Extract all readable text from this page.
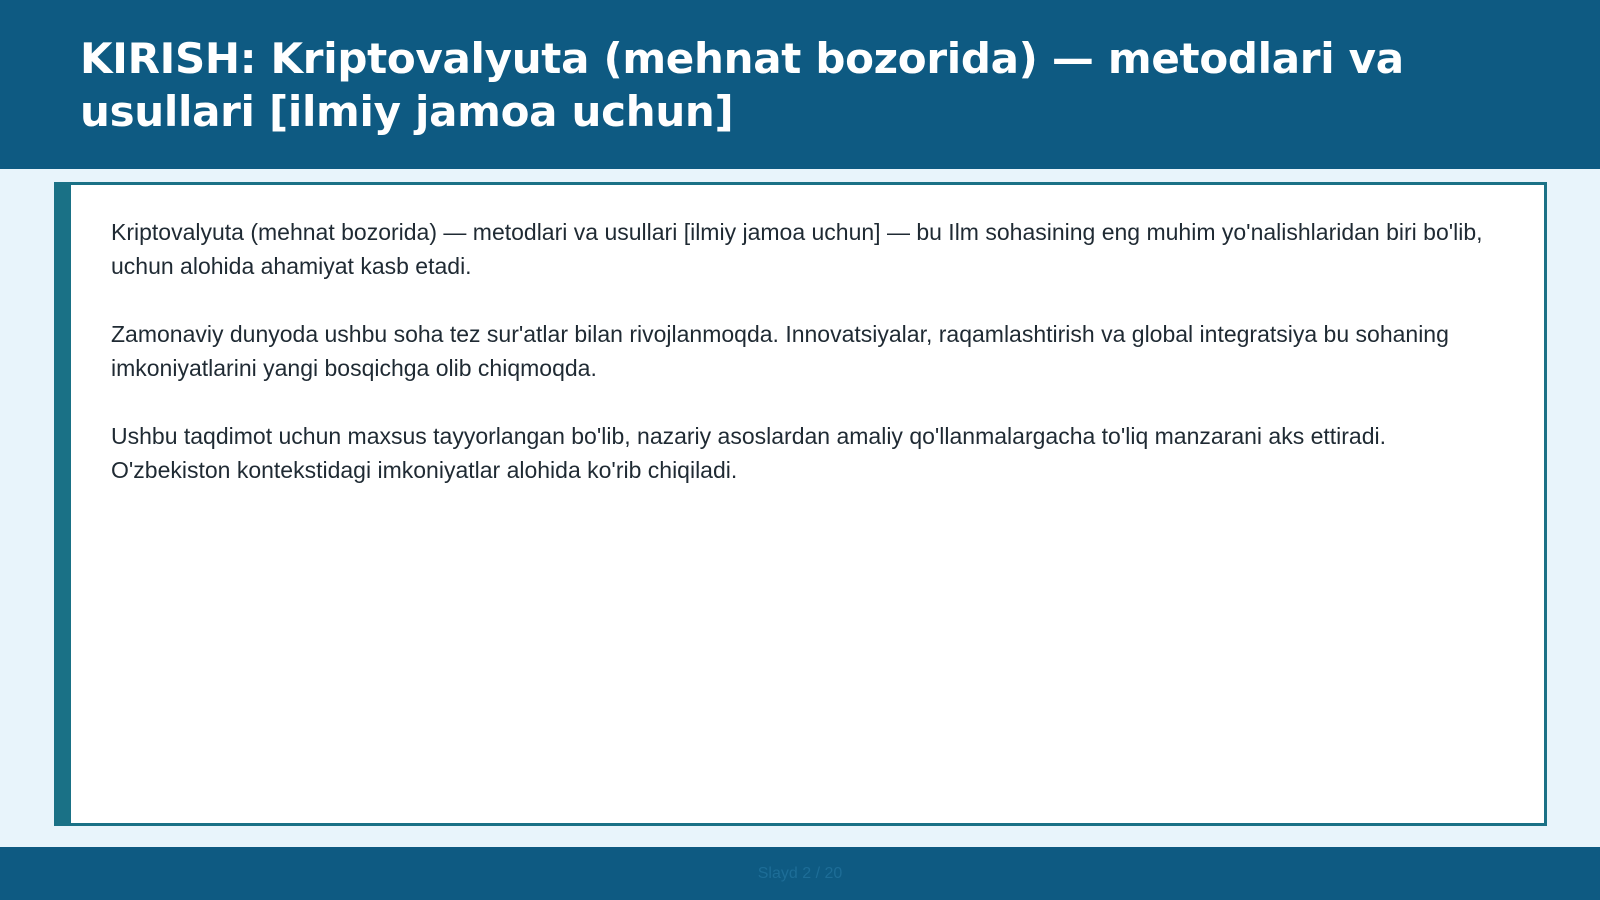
KIRISH: Kriptovalyuta (mehnat bozorida) — metodlari va usullari [ilmiy jamoa uchun]

Kriptovalyuta (mehnat bozorida) — metodlari va usullari [ilmiy jamoa uchun] — bu Ilm sohasining eng muhim yo'nalishlaridan biri bo'lib, uchun alohida ahamiyat kasb etadi.

Zamonaviy dunyoda ushbu soha tez sur'atlar bilan rivojlanmoqda. Innovatsiyalar, raqamlashtirish va global integratsiya bu sohaning imkoniyatlarini yangi bosqichga olib chiqmoqda.

Ushbu taqdimot uchun maxsus tayyorlangan bo'lib, nazariy asoslardan amaliy qo'llanmalargacha to'liq manzarani aks ettiradi. O'zbekiston kontekstidagi imkoniyatlar alohida ko'rib chiqiladi.

Slayd 2 / 20
